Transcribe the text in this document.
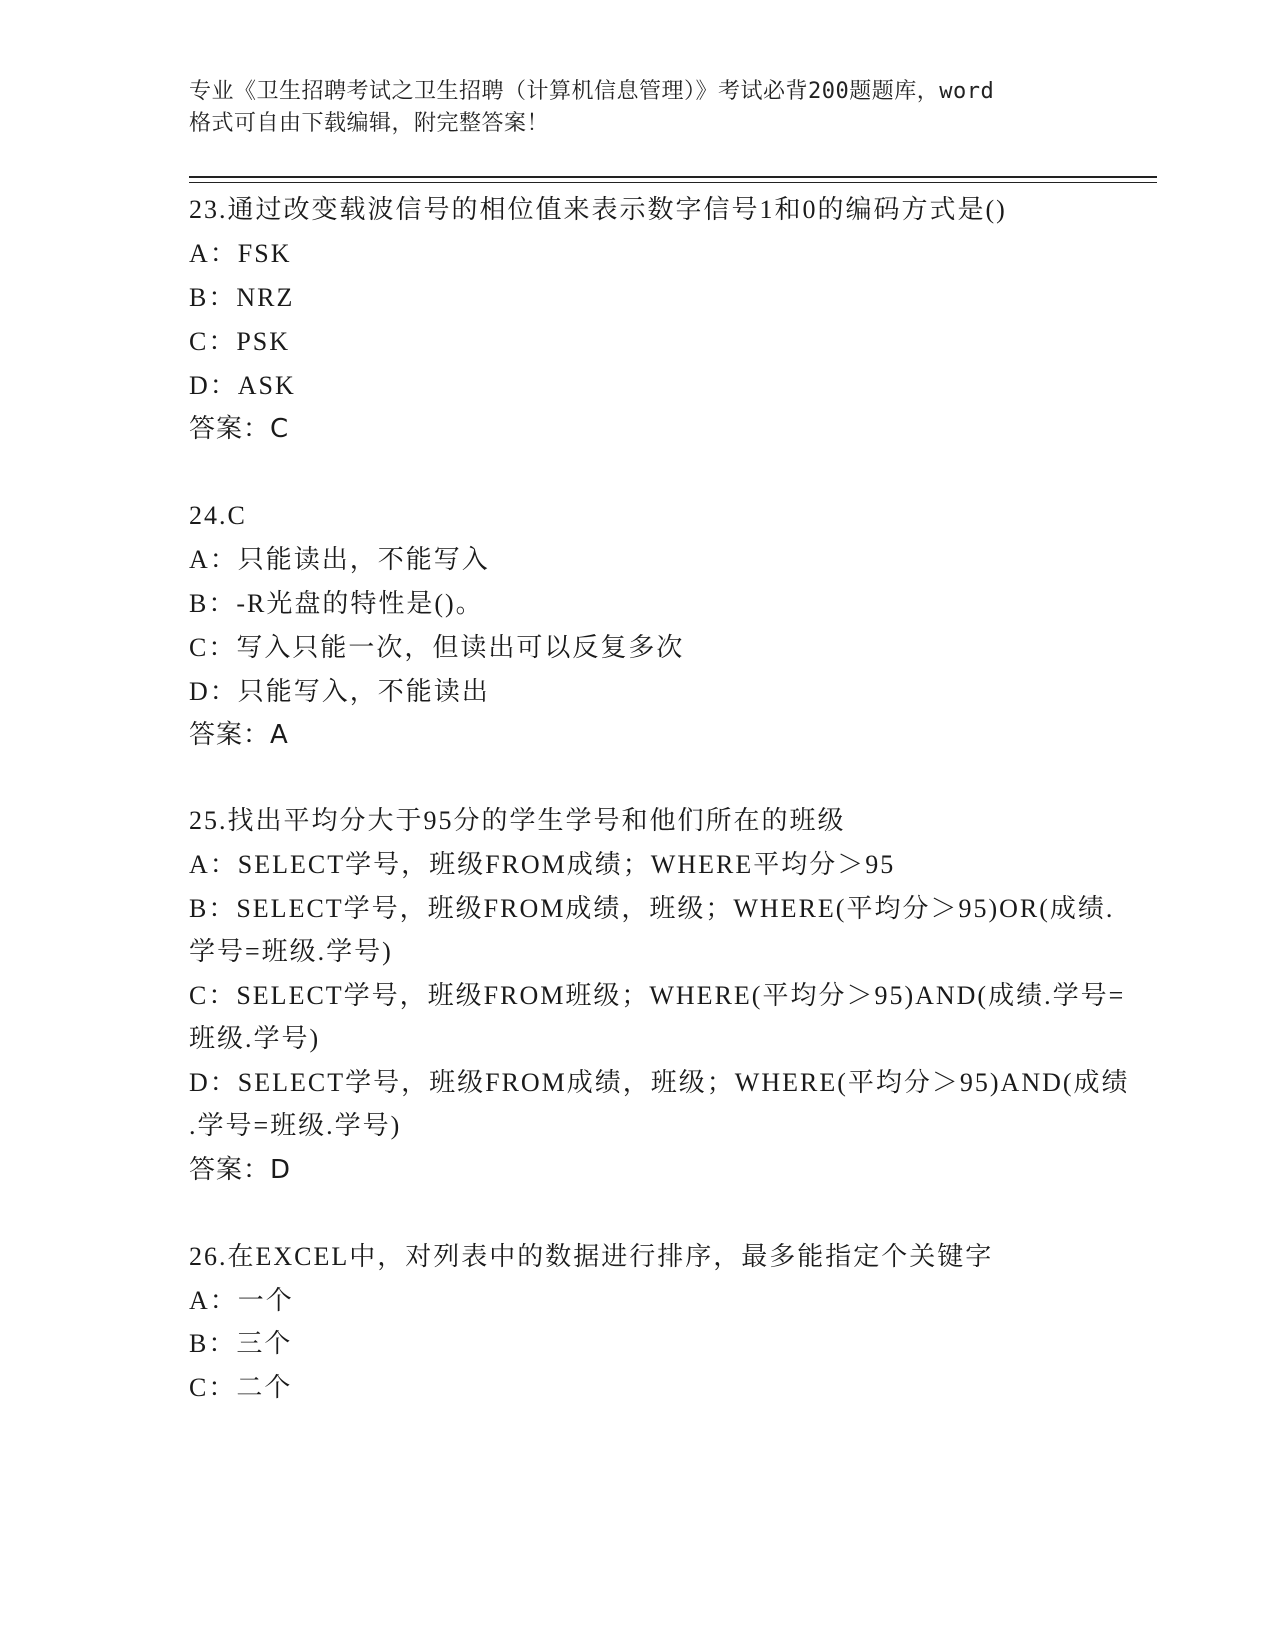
专业《卫生招聘考试之卫生招聘（计算机信息管理）》考试必背200题题库，word
格式可自由下载编辑，附完整答案！
23.通过改变载波信号的相位值来表示数字信号1和0的编码方式是()
A：FSK
B：NRZ
C：PSK
D：ASK
答案：C
24.C
A：只能读出，不能写入
B：-R光盘的特性是()。
C：写入只能一次，但读出可以反复多次
D：只能写入，不能读出
答案：A
25.找出平均分大于95分的学生学号和他们所在的班级
A：SELECT学号，班级FROM成绩；WHERE平均分＞95
B：SELECT学号，班级FROM成绩，班级；WHERE(平均分＞95)OR(成绩.
学号=班级.学号)
C：SELECT学号，班级FROM班级；WHERE(平均分＞95)AND(成绩.学号=
班级.学号)
D：SELECT学号，班级FROM成绩，班级；WHERE(平均分＞95)AND(成绩
.学号=班级.学号)
答案：D
26.在EXCEL中，对列表中的数据进行排序，最多能指定个关键字
A：一个
B：三个
C：二个
